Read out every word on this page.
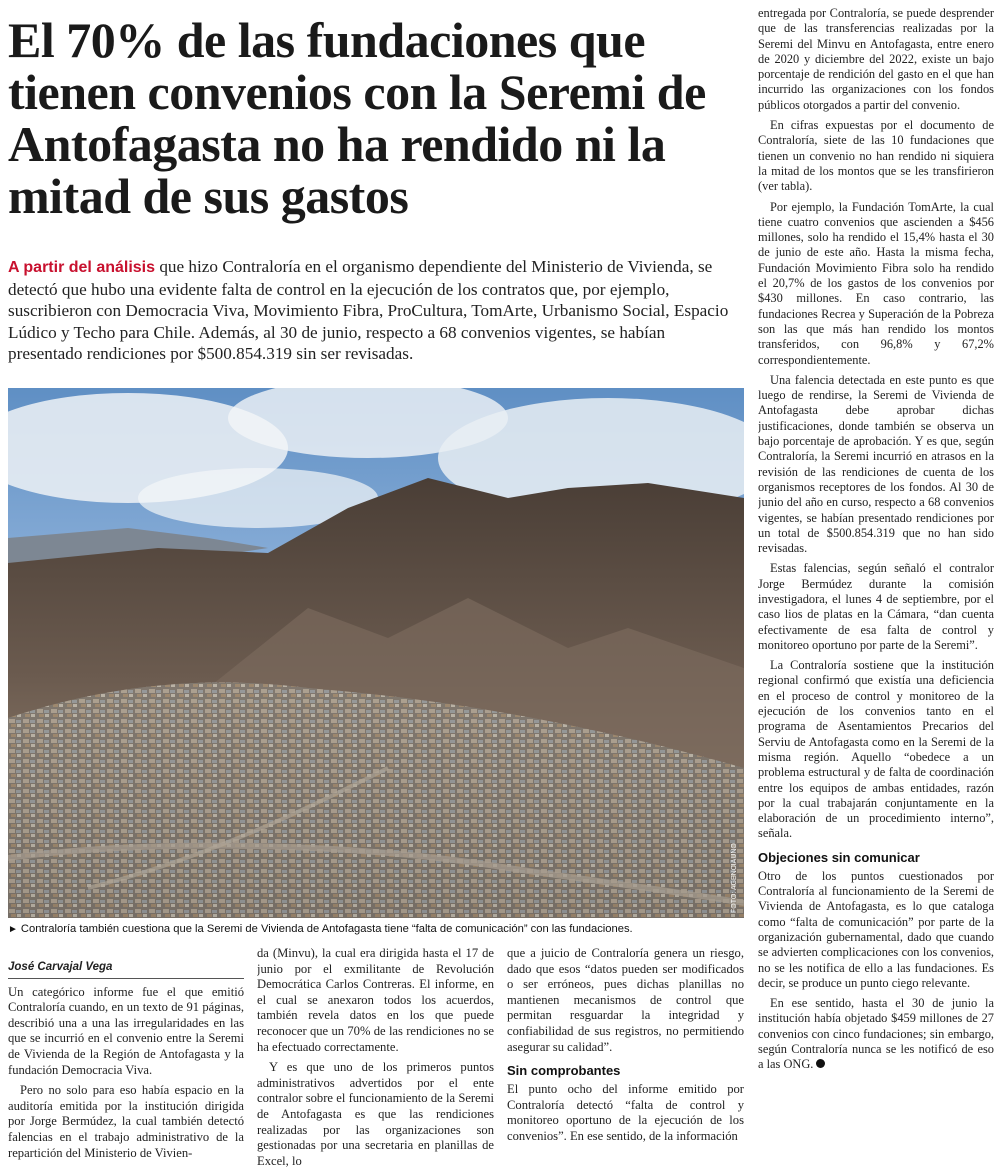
El 70% de las fundaciones que tienen convenios con la Seremi de Antofagasta no ha rendido ni la mitad de sus gastos

A partir del análisis que hizo Contraloría en el organismo dependiente del Ministerio de Vivienda, se detectó que hubo una evidente falta de control en la ejecución de los contratos que, por ejemplo, suscribieron con Democracia Viva, Movimiento Fibra, ProCultura, TomArte, Urbanismo Social, Espacio Lúdico y Techo para Chile. Además, al 30 de junio, respecto a 68 convenios vigentes, se habían presentado rendiciones por $500.854.319 sin ser revisadas.

FOTO: AGENCIAUNO
► Contraloría también cuestiona que la Seremi de Vivienda de Antofagasta tiene “falta de comunicación” con las fundaciones.
José Carvajal Vega

Un categórico informe fue el que emitió Contraloría cuando, en un texto de 91 páginas, describió una a una las irregularidades en las que se incurrió en el convenio entre la Seremi de Vivienda de la Región de Antofagasta y la fundación Democracia Viva.

Pero no solo para eso había espacio en la auditoría emitida por la institución dirigida por Jorge Bermúdez, la cual también detectó falencias en el trabajo administrativo de la repartición del Ministerio de Vivien-

da (Minvu), la cual era dirigida hasta el 17 de junio por el exmilitante de Revolución Democrática Carlos Contreras. El informe, en el cual se anexaron todos los acuerdos, también revela datos en los que puede reconocer que un 70% de las rendiciones no se ha efectuado correctamente.

Y es que uno de los primeros puntos administrativos advertidos por el ente contralor sobre el funcionamiento de la Seremi de Antofagasta es que las rendiciones realizadas por las organizaciones son gestionadas por una secretaria en planillas de Excel, lo

que a juicio de Contraloría genera un riesgo, dado que esos “datos pueden ser modificados o ser erróneos, pues dichas planillas no mantienen mecanismos de control que permitan resguardar la integridad y confiabilidad de sus registros, no permitiendo asegurar su calidad”.

Sin comprobantes

El punto ocho del informe emitido por Contraloría detectó “falta de control y monitoreo oportuno de la ejecución de los convenios”. En ese sentido, de la información

entregada por Contraloría, se puede desprender que de las transferencias realizadas por la Seremi del Minvu en Antofagasta, entre enero de 2020 y diciembre del 2022, existe un bajo porcentaje de rendición del gasto en el que han incurrido las organizaciones con los fondos públicos otorgados a partir del convenio.

En cifras expuestas por el documento de Contraloría, siete de las 10 fundaciones que tienen un convenio no han rendido ni siquiera la mitad de los montos que se les transfirieron (ver tabla).

Por ejemplo, la Fundación TomArte, la cual tiene cuatro convenios que ascienden a $456 millones, solo ha rendido el 15,4% hasta el 30 de junio de este año. Hasta la misma fecha, Fundación Movimiento Fibra solo ha rendido el 20,7% de los gastos de los convenios por $430 millones. En caso contrario, las fundaciones Recrea y Superación de la Pobreza son las que más han rendido los montos transferidos, con 96,8% y 67,2% correspondientemente.

Una falencia detectada en este punto es que luego de rendirse, la Seremi de Vivienda de Antofagasta debe aprobar dichas justificaciones, donde también se observa un bajo porcentaje de aprobación. Y es que, según Contraloría, la Seremi incurrió en atrasos en la revisión de las rendiciones de cuenta de los organismos receptores de los fondos. Al 30 de junio del año en curso, respecto a 68 convenios vigentes, se habían presentado rendiciones por un total de $500.854.319 que no han sido revisadas.

Estas falencias, según señaló el contralor Jorge Bermúdez durante la comisión investigadora, el lunes 4 de septiembre, por el caso lios de platas en la Cámara, “dan cuenta efectivamente de esa falta de control y monitoreo oportuno por parte de la Seremi”.

La Contraloría sostiene que la institución regional confirmó que existía una deficiencia en el proceso de control y monitoreo de la ejecución de los convenios tanto en el programa de Asentamientos Precarios del Serviu de Antofagasta como en la Seremi de la misma región. Aquello “obedece a un problema estructural y de falta de coordinación entre los equipos de ambas entidades, razón por la cual trabajarán conjuntamente en la elaboración de un procedimiento interno”, señala.

Objeciones sin comunicar

Otro de los puntos cuestionados por Contraloría al funcionamiento de la Seremi de Vivienda de Antofagasta, es lo que cataloga como “falta de comunicación” por parte de la organización gubernamental, dado que cuando se advierten complicaciones con los convenios, no se les notifica de ello a las fundaciones. Es decir, se produce un punto ciego relevante.

En ese sentido, hasta el 30 de junio la institución había objetado $459 millones de 27 convenios con cinco fundaciones; sin embargo, según Contraloría nunca se les notificó de eso a las ONG.
